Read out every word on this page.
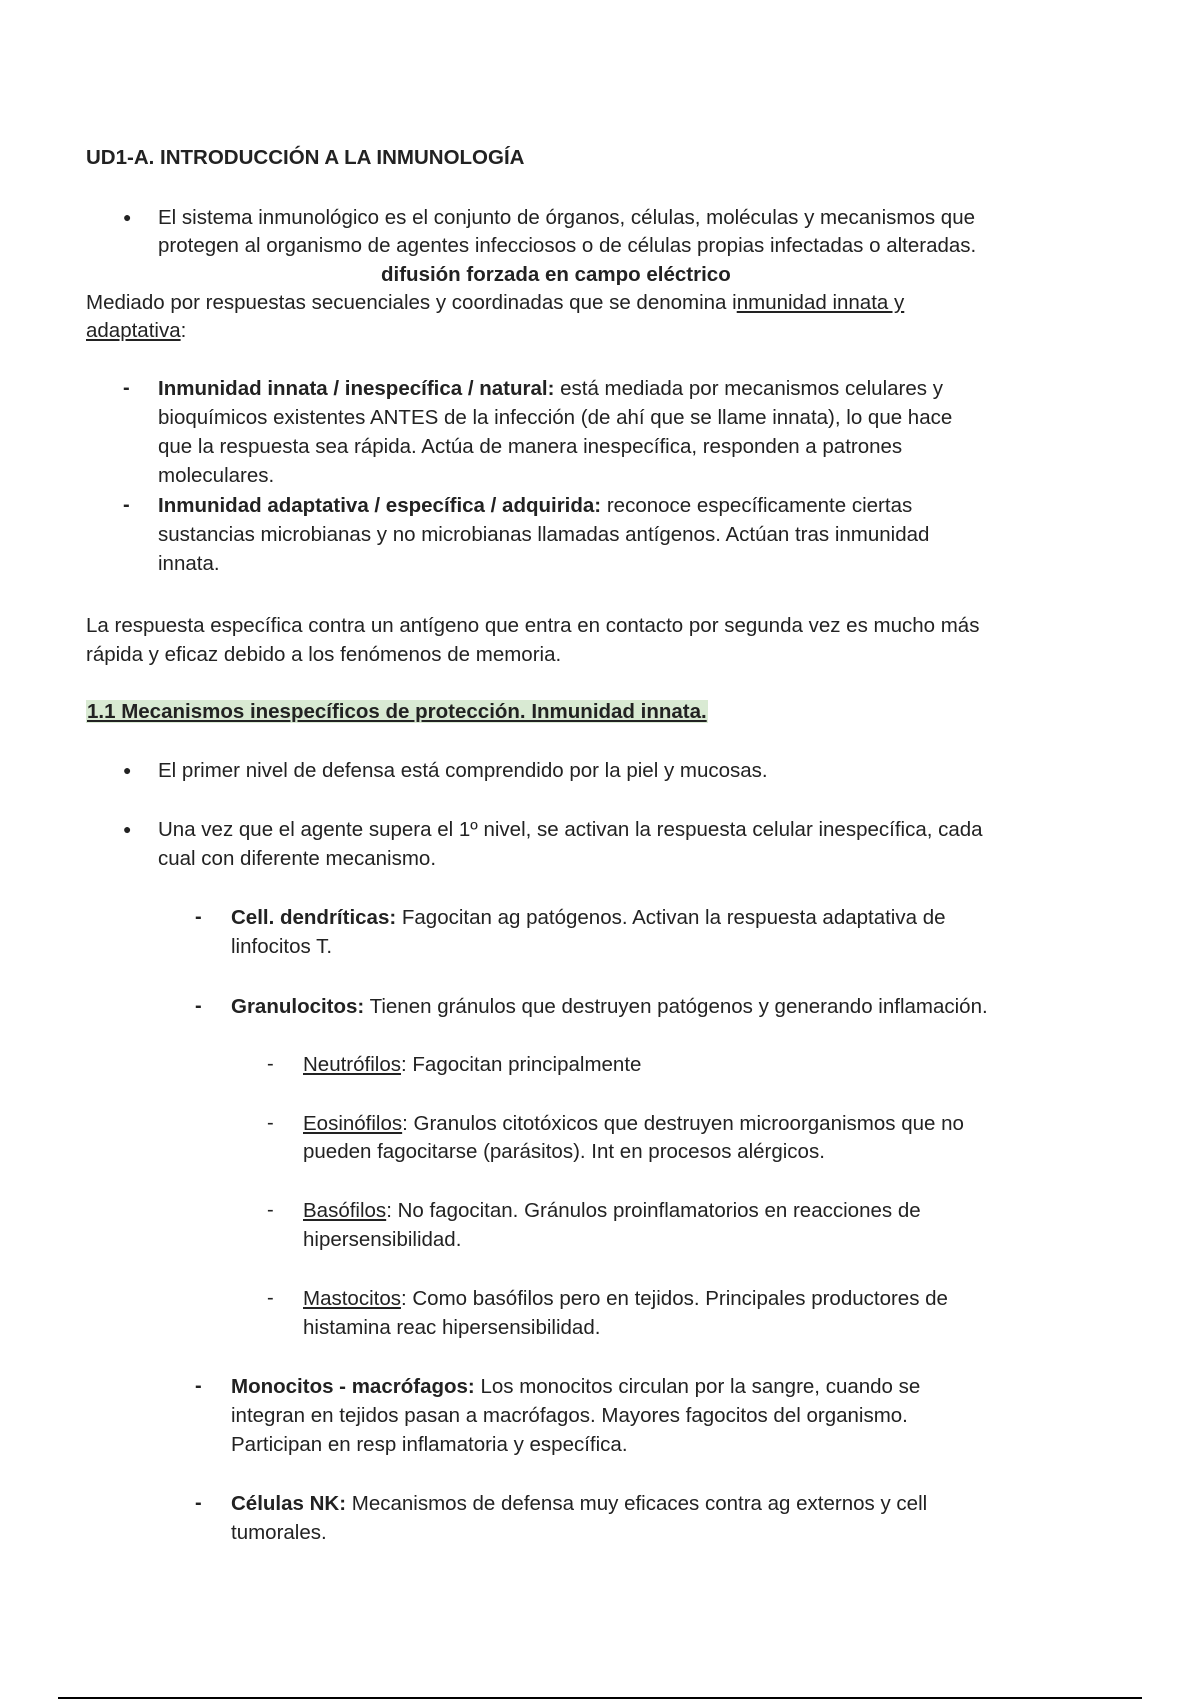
UD1-A. INTRODUCCIÓN A LA INMUNOLOGÍA
● El sistema inmunológico es el conjunto de órganos, células, moléculas y mecanismos que
protegen al organismo de agentes infecciosos o de células propias infectadas o alteradas.
difusión forzada en campo eléctrico
Mediado por respuestas secuenciales y coordinadas que se denomina inmunidad innata y
adaptativa:
- Inmunidad innata / inespecífica / natural: está mediada por mecanismos celulares y
bioquímicos existentes ANTES de la infección (de ahí que se llame innata), lo que hace
que la respuesta sea rápida. Actúa de manera inespecífica, responden a patrones
moleculares.
- Inmunidad adaptativa / específica / adquirida: reconoce específicamente ciertas
sustancias microbianas y no microbianas llamadas antígenos. Actúan tras inmunidad
innata.
La respuesta específica contra un antígeno que entra en contacto por segunda vez es mucho más
rápida y eficaz debido a los fenómenos de memoria.
1.1 Mecanismos inespecíficos de protección. Inmunidad innata.
● El primer nivel de defensa está comprendido por la piel y mucosas.
● Una vez que el agente supera el 1º nivel, se activan la respuesta celular inespecífica, cada
cual con diferente mecanismo.
- Cell. dendríticas: Fagocitan ag patógenos. Activan la respuesta adaptativa de
linfocitos T.
- Granulocitos: Tienen gránulos que destruyen patógenos y generando inflamación.
- Neutrófilos: Fagocitan principalmente
- Eosinófilos: Granulos citotóxicos que destruyen microorganismos que no
pueden fagocitarse (parásitos). Int en procesos alérgicos.
- Basófilos: No fagocitan. Gránulos proinflamatorios en reacciones de
hipersensibilidad.
- Mastocitos: Como basófilos pero en tejidos. Principales productores de
histamina reac hipersensibilidad.
- Monocitos - macrófagos: Los monocitos circulan por la sangre, cuando se
integran en tejidos pasan a macrófagos. Mayores fagocitos del organismo.
Participan en resp inflamatoria y específica.
- Células NK: Mecanismos de defensa muy eficaces contra ag externos y cell
tumorales.
